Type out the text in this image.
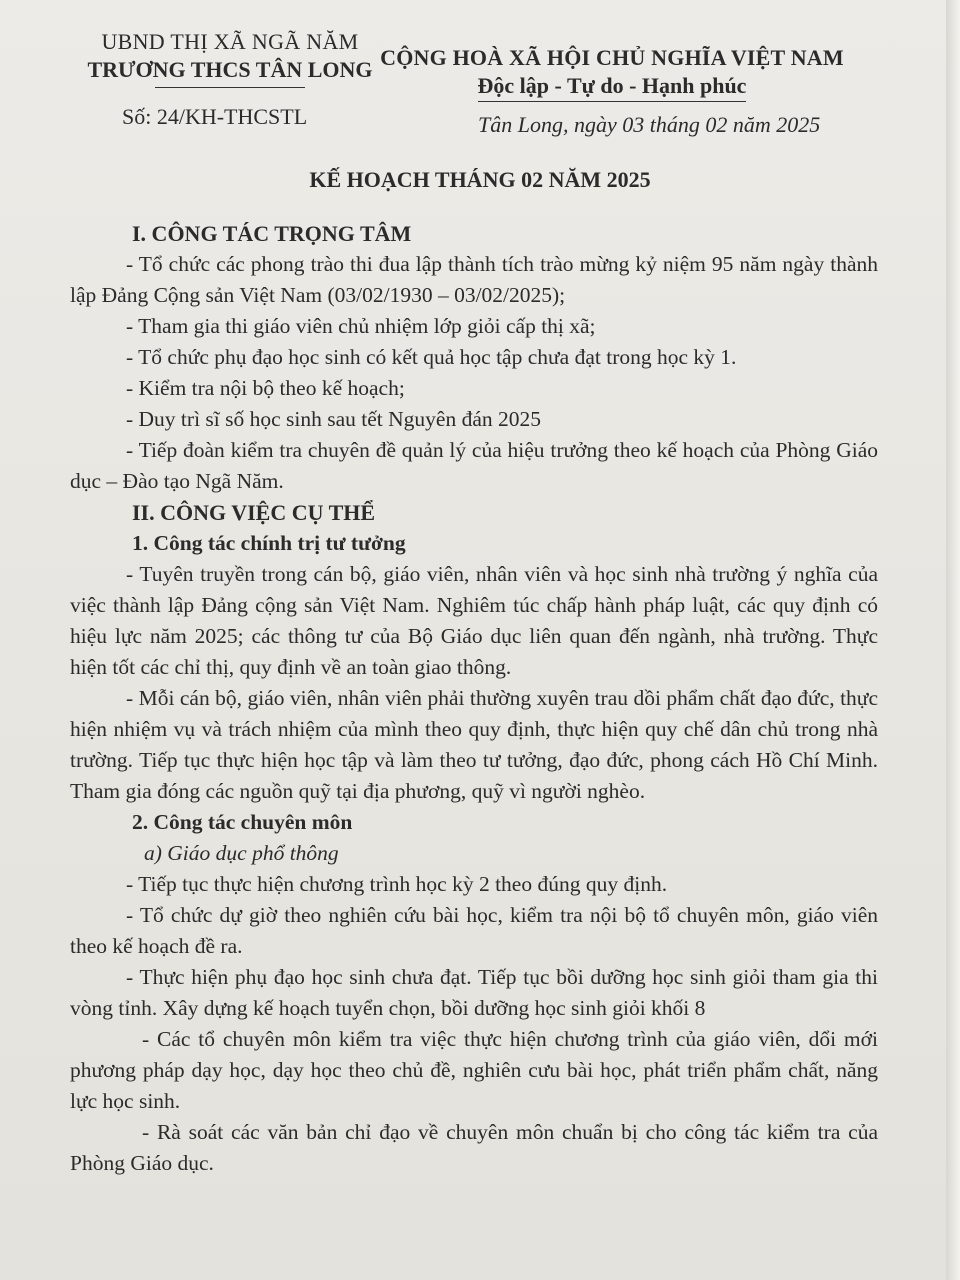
UBND THỊ XÃ NGÃ NĂM
TRƯƠNG THCS TÂN LONG CỘNG HOÀ XÃ HỘI CHỦ NGHĨA VIỆT NAM
Độc lập - Tự do - Hạnh phúc
Số: 24/KH-THCSTL	Tân Long, ngày 03 tháng 02 năm 2025
KẾ HOẠCH THÁNG 02 NĂM 2025

I. CÔNG TÁC TRỌNG TÂM

- Tổ chức các phong trào thi đua lập thành tích trào mừng kỷ niệm 95 năm ngày thành lập Đảng Cộng sản Việt Nam (03/02/1930 – 03/02/2025);

- Tham gia thi giáo viên chủ nhiệm lớp giỏi cấp thị xã;

- Tổ chức phụ đạo học sinh có kết quả học tập chưa đạt trong học kỳ 1.

- Kiểm tra nội bộ theo kế hoạch;

- Duy trì sĩ số học sinh sau tết Nguyên đán 2025

- Tiếp đoàn kiểm tra chuyên đề quản lý của hiệu trưởng theo kế hoạch của Phòng Giáo dục – Đào tạo Ngã Năm.

II. CÔNG VIỆC CỤ THỂ

1. Công tác chính trị tư tưởng

- Tuyên truyền trong cán bộ, giáo viên, nhân viên và học sinh nhà trường ý nghĩa của việc thành lập Đảng cộng sản Việt Nam. Nghiêm túc chấp hành pháp luật, các quy định có hiệu lực năm 2025; các thông tư của Bộ Giáo dục liên quan đến ngành, nhà trường. Thực hiện tốt các chỉ thị, quy định về an toàn giao thông.

- Mỗi cán bộ, giáo viên, nhân viên phải thường xuyên trau dồi phẩm chất đạo đức, thực hiện nhiệm vụ và trách nhiệm của mình theo quy định, thực hiện quy chế dân chủ trong nhà trường. Tiếp tục thực hiện học tập và làm theo tư tưởng, đạo đức, phong cách Hồ Chí Minh. Tham gia đóng các nguồn quỹ tại địa phương, quỹ vì người nghèo.

2. Công tác chuyên môn

a) Giáo dục phổ thông

- Tiếp tục thực hiện chương trình học kỳ 2 theo đúng quy định.

- Tổ chức dự giờ theo nghiên cứu bài học, kiểm tra nội bộ tổ chuyên môn, giáo viên theo kế hoạch đề ra.

- Thực hiện phụ đạo học sinh chưa đạt. Tiếp tục bồi dưỡng học sinh giỏi tham gia thi vòng tỉnh. Xây dựng kế hoạch tuyển chọn, bồi dưỡng học sinh giỏi khối 8

- Các tổ chuyên môn kiểm tra việc thực hiện chương trình của giáo viên, dổi mới phương pháp dạy học, dạy học theo chủ đề, nghiên cưu bài học, phát triển phẩm chất, năng lực học sinh.

- Rà soát các văn bản chỉ đạo về chuyên môn chuẩn bị cho công tác kiểm tra của Phòng Giáo dục.
